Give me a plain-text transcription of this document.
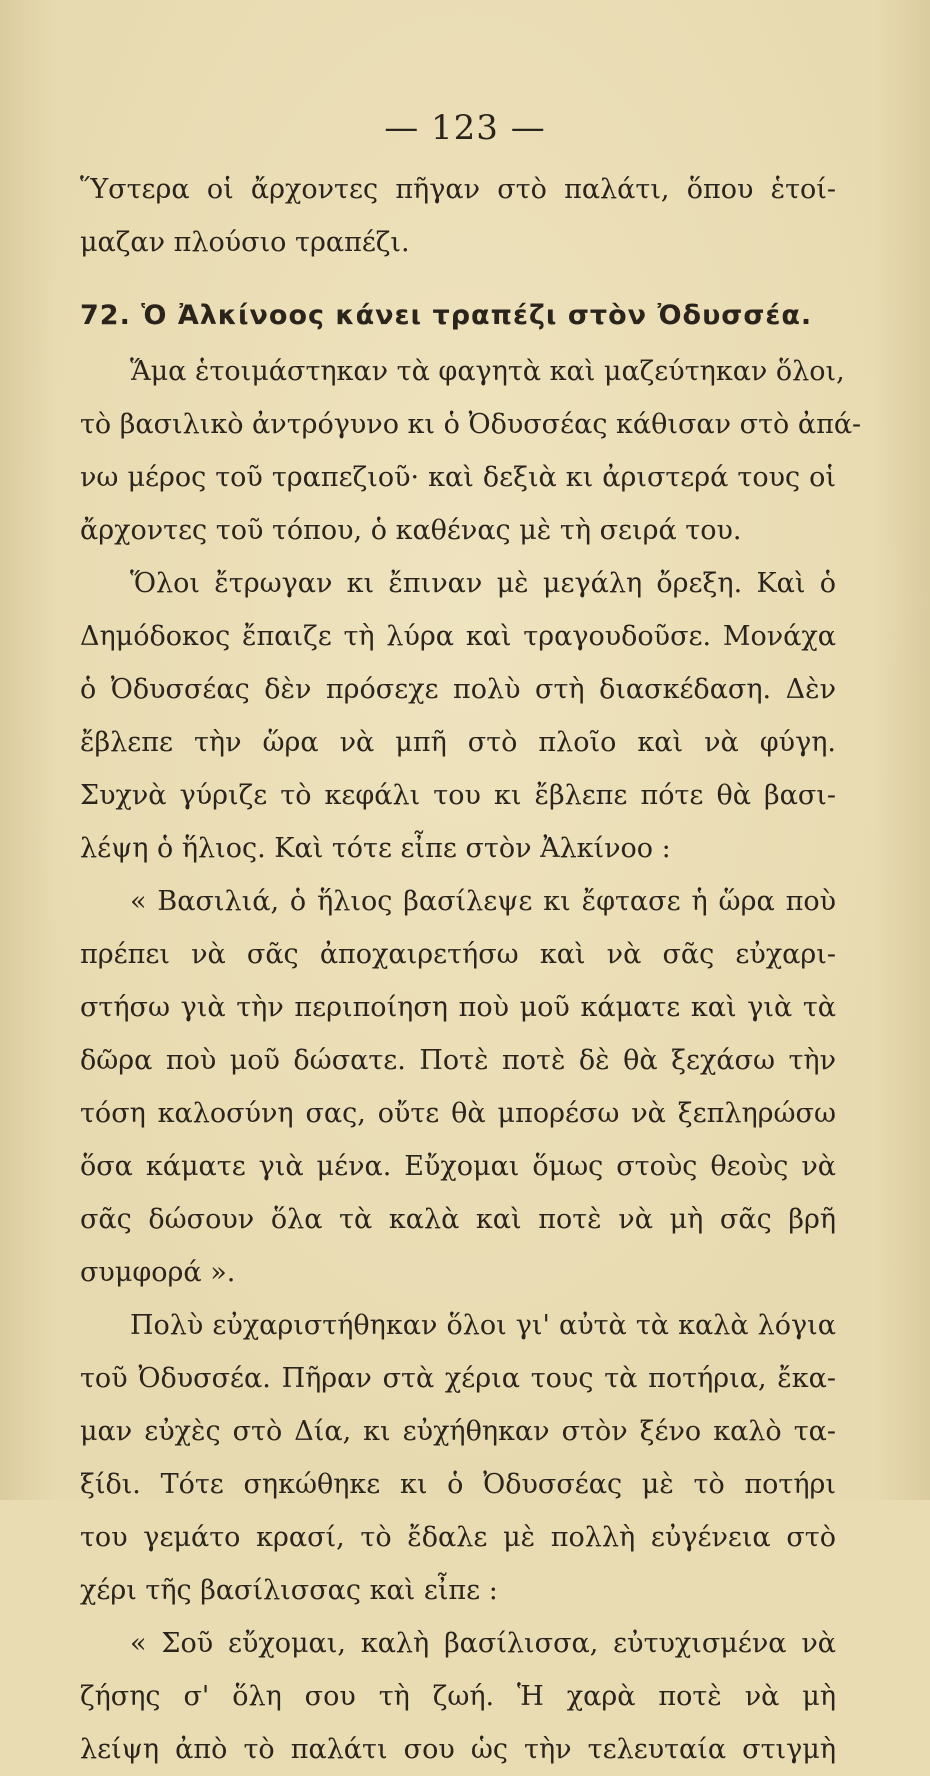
— 123 —
Ὕστερα οἱ ἄρχοντες πῆγαν στὸ παλάτι, ὅπου ἑτοί-
μαζαν πλούσιο τραπέζι.
72. Ὁ Ἀλκίνοος κάνει τραπέζι στὸν Ὀδυσσέα.
Ἅμα ἑτοιμάστηκαν τὰ φαγητὰ καὶ μαζεύτηκαν ὅλοι,
τὸ βασιλικὸ ἀντρόγυνο κι ὁ Ὀδυσσέας κάθισαν στὸ ἀπά-
νω μέρος τοῦ τραπεζιοῦ· καὶ δεξιὰ κι ἀριστερά τους οἱ
ἄρχοντες τοῦ τόπου, ὁ καθένας μὲ τὴ σειρά του.
Ὅλοι ἔτρωγαν κι ἔπιναν μὲ μεγάλη ὄρεξη. Καὶ ὁ
Δημόδοκος ἔπαιζε τὴ λύρα καὶ τραγουδοῦσε. Μονάχα
ὁ Ὀδυσσέας δὲν πρόσεχε πολὺ στὴ διασκέδαση. Δὲν
ἔβλεπε τὴν ὥρα νὰ μπῆ στὸ πλοῖο καὶ νὰ φύγη.
Συχνὰ γύριζε τὸ κεφάλι του κι ἔβλεπε πότε θὰ βασι-
λέψη ὁ ἥλιος. Καὶ τότε εἶπε στὸν Ἀλκίνοο :
« Βασιλιά, ὁ ἥλιος βασίλεψε κι ἔφτασε ἡ ὥρα ποὺ
πρέπει νὰ σᾶς ἀποχαιρετήσω καὶ νὰ σᾶς εὐχαρι-
στήσω γιὰ τὴν περιποίηση ποὺ μοῦ κάματε καὶ γιὰ τὰ
δῶρα ποὺ μοῦ δώσατε. Ποτὲ ποτὲ δὲ θὰ ξεχάσω τὴν
τόση καλοσύνη σας, οὔτε θὰ μπορέσω νὰ ξεπληρώσω
ὅσα κάματε γιὰ μένα. Εὔχομαι ὅμως στοὺς θεοὺς νὰ
σᾶς δώσουν ὅλα τὰ καλὰ καὶ ποτὲ νὰ μὴ σᾶς βρῆ
συμφορά ».
Πολὺ εὐχαριστήθηκαν ὅλοι γι' αὐτὰ τὰ καλὰ λόγια
τοῦ Ὀδυσσέα. Πῆραν στὰ χέρια τους τὰ ποτήρια, ἔκα-
μαν εὐχὲς στὸ Δία, κι εὐχήθηκαν στὸν ξένο καλὸ τα-
ξίδι. Τότε σηκώθηκε κι ὁ Ὀδυσσέας μὲ τὸ ποτήρι
του γεμάτο κρασί, τὸ ἔδαλε μὲ πολλὴ εὐγένεια στὸ
χέρι τῆς βασίλισσας καὶ εἶπε :
« Σοῦ εὔχομαι, καλὴ βασίλισσα, εὐτυχισμένα νὰ
ζήσης σ' ὅλη σου τὴ ζωή. Ἡ χαρὰ ποτὲ νὰ μὴ
λείψη ἀπὸ τὸ παλάτι σου ὡς τὴν τελευταία στιγμὴ
